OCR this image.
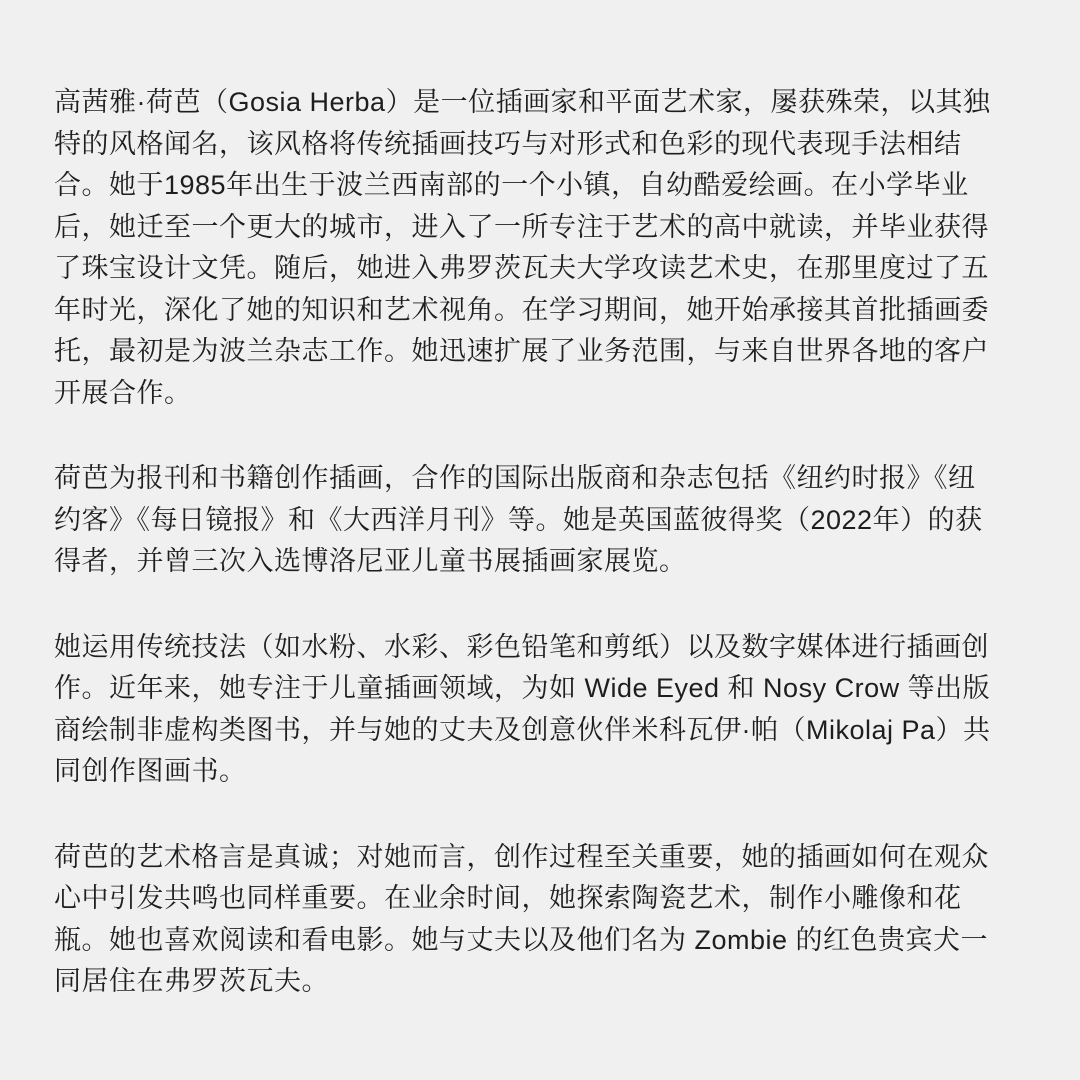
高茜雅·荷芭（Gosia Herba）是一位插画家和平面艺术家，屡获殊荣，以其独
特的风格闻名，该风格将传统插画技巧与对形式和色彩的现代表现手法相结
合。她于1985年出生于波兰西南部的一个小镇，自幼酷爱绘画。在小学毕业
后，她迁至一个更大的城市，进入了一所专注于艺术的高中就读，并毕业获得
了珠宝设计文凭。随后，她进入弗罗茨瓦夫大学攻读艺术史，在那里度过了五
年时光，深化了她的知识和艺术视角。在学习期间，她开始承接其首批插画委
托，最初是为波兰杂志工作。她迅速扩展了业务范围，与来自世界各地的客户
开展合作。
荷芭为报刊和书籍创作插画，合作的国际出版商和杂志包括《纽约时报》《纽
约客》《每日镜报》和《大西洋月刊》等。她是英国蓝彼得奖（2022年）的获
得者，并曾三次入选博洛尼亚儿童书展插画家展览。
她运用传统技法（如水粉、水彩、彩色铅笔和剪纸）以及数字媒体进行插画创
作。近年来，她专注于儿童插画领域，为如 Wide Eyed 和 Nosy Crow 等出版
商绘制非虚构类图书，并与她的丈夫及创意伙伴米科瓦伊·帕（Mikolaj Pa）共
同创作图画书。
荷芭的艺术格言是真诚；对她而言，创作过程至关重要，她的插画如何在观众
心中引发共鸣也同样重要。在业余时间，她探索陶瓷艺术，制作小雕像和花
瓶。她也喜欢阅读和看电影。她与丈夫以及他们名为 Zombie 的红色贵宾犬一
同居住在弗罗茨瓦夫。
